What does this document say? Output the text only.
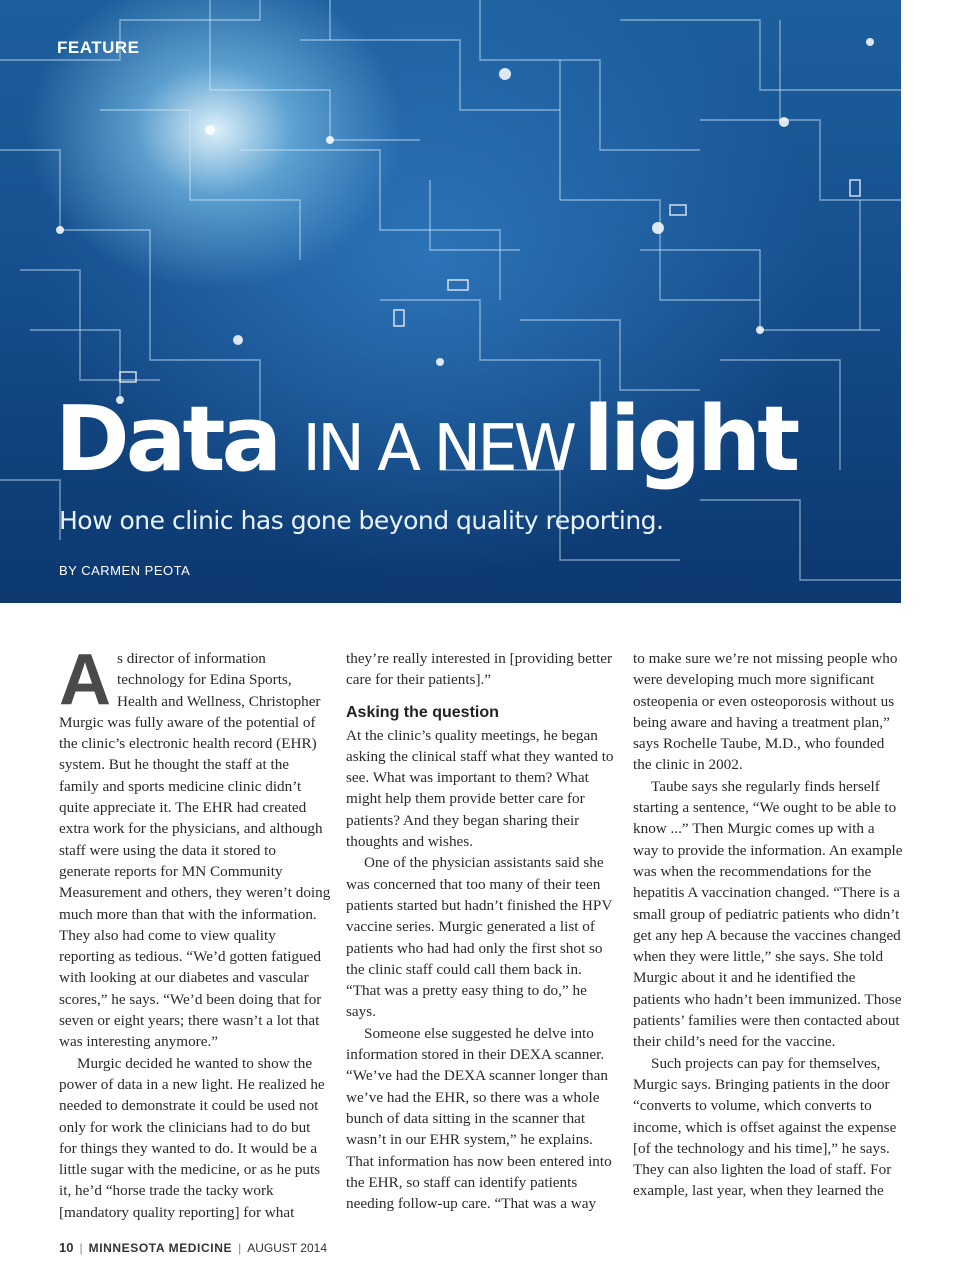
FEATURE
Data IN A NEW light
How one clinic has gone beyond quality reporting.
BY CARMEN PEOTA

As director of information technology for Edina Sports, Health and Wellness, Christopher Murgic was fully aware of the potential of the clinic’s electronic health record (EHR) system. But he thought the staff at the family and sports medicine clinic didn’t quite appreciate it. The EHR had created extra work for the physicians, and although staff were using the data it stored to generate reports for MN Community Measurement and others, they weren’t doing much more than that with the information. They also had come to view quality reporting as tedious. “We’d gotten fatigued with looking at our diabetes and vascular scores,” he says. “We’d been doing that for seven or eight years; there wasn’t a lot that was interesting anymore.”

Murgic decided he wanted to show the power of data in a new light. He realized he needed to demonstrate it could be used not only for work the clinicians had to do but for things they wanted to do. It would be a little sugar with the medicine, or as he puts it, he’d “horse trade the tacky work [mandatory quality reporting] for what

they’re really interested in [providing better care for their patients].”

Asking the question

At the clinic’s quality meetings, he began asking the clinical staff what they wanted to see. What was important to them? What might help them provide better care for patients? And they began sharing their thoughts and wishes.

One of the physician assistants said she was concerned that too many of their teen patients started but hadn’t finished the HPV vaccine series. Murgic generated a list of patients who had had only the first shot so the clinic staff could call them back in. “That was a pretty easy thing to do,” he says.

Someone else suggested he delve into information stored in their DEXA scanner. “We’ve had the DEXA scanner longer than we’ve had the EHR, so there was a whole bunch of data sitting in the scanner that wasn’t in our EHR system,” he explains. That information has now been entered into the EHR, so staff can identify patients needing follow-up care. “That was a way

to make sure we’re not missing people who were developing much more significant osteopenia or even osteoporosis without us being aware and having a treatment plan,” says Rochelle Taube, M.D., who founded the clinic in 2002.

Taube says she regularly finds herself starting a sentence, “We ought to be able to know ...” Then Murgic comes up with a way to provide the information. An example was when the recommendations for the hepatitis A vaccination changed. “There is a small group of pediatric patients who didn’t get any hep A because the vaccines changed when they were little,” she says. She told Murgic about it and he identified the patients who hadn’t been immunized. Those patients’ families were then contacted about their child’s need for the vaccine.

Such projects can pay for themselves, Murgic says. Bringing patients in the door “converts to volume, which converts to income, which is offset against the expense [of the technology and his time],” he says. They can also lighten the load of staff. For example, last year, when they learned the

10 | MINNESOTA MEDICINE | AUGUST 2014
